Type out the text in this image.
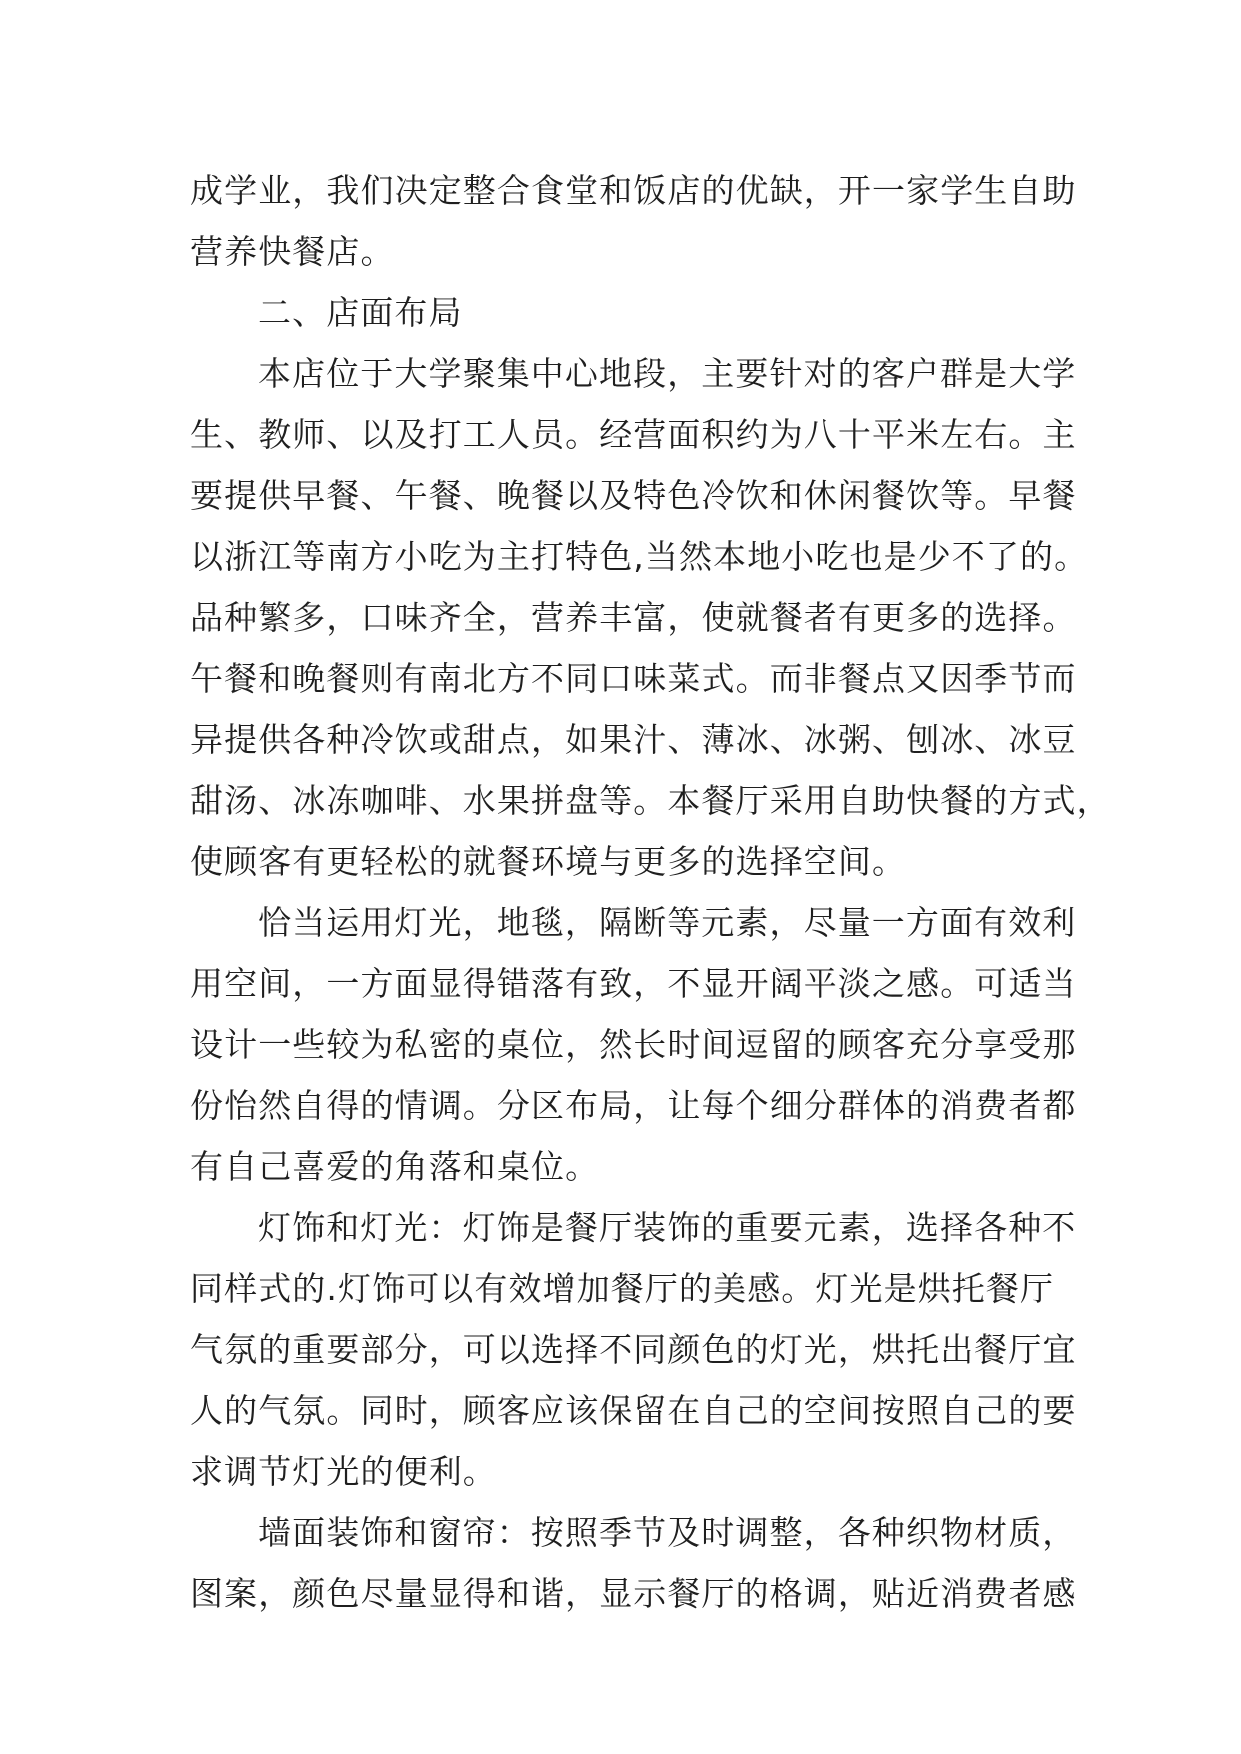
成学业，我们决定整合食堂和饭店的优缺，开一家学生自助
营养快餐店。
二、店面布局
本店位于大学聚集中心地段，主要针对的客户群是大学
生、教师、以及打工人员。经营面积约为八十平米左右。主
要提供早餐、午餐、晚餐以及特色冷饮和休闲餐饮等。早餐
以浙江等南方小吃为主打特色,当然本地小吃也是少不了的。
品种繁多，口味齐全，营养丰富，使就餐者有更多的选择。
午餐和晚餐则有南北方不同口味菜式。而非餐点又因季节而
异提供各种冷饮或甜点，如果汁、薄冰、冰粥、刨冰、冰豆
甜汤、冰冻咖啡、水果拼盘等。本餐厅采用自助快餐的方式，
使顾客有更轻松的就餐环境与更多的选择空间。
恰当运用灯光，地毯，隔断等元素，尽量一方面有效利
用空间，一方面显得错落有致，不显开阔平淡之感。可适当
设计一些较为私密的桌位，然长时间逗留的顾客充分享受那
份怡然自得的情调。分区布局，让每个细分群体的消费者都
有自己喜爱的角落和桌位。
灯饰和灯光：灯饰是餐厅装饰的重要元素，选择各种不
同样式的.灯饰可以有效增加餐厅的美感。灯光是烘托餐厅
气氛的重要部分，可以选择不同颜色的灯光，烘托出餐厅宜
人的气氛。同时，顾客应该保留在自己的空间按照自己的要
求调节灯光的便利。
墙面装饰和窗帘：按照季节及时调整，各种织物材质，
图案，颜色尽量显得和谐，显示餐厅的格调，贴近消费者感
